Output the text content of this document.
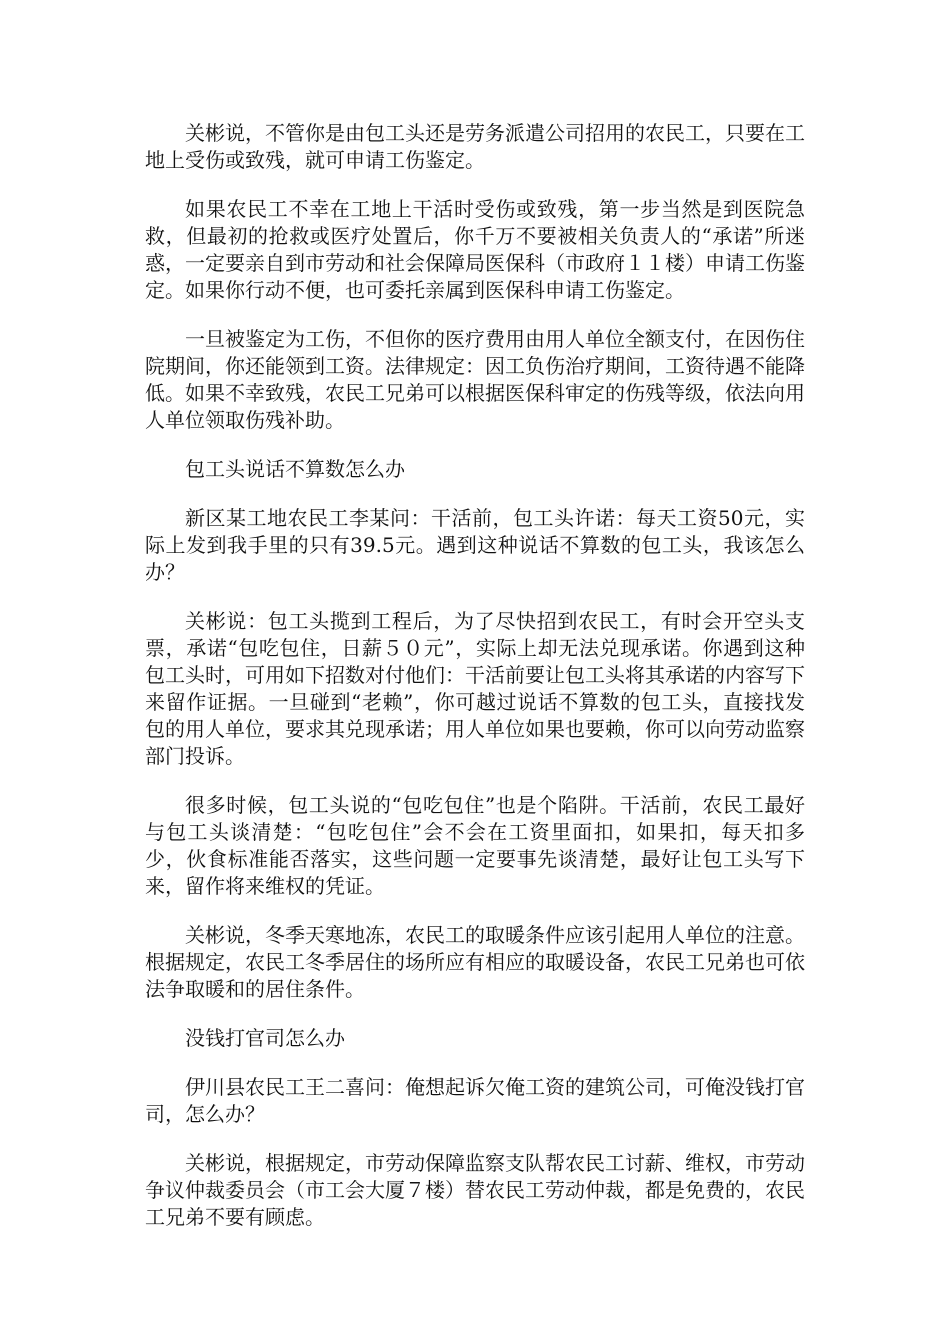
关彬说，不管你是由包工头还是劳务派遣公司招用的农民工，只要在工地上受伤或致残，就可申请工伤鉴定。

如果农民工不幸在工地上干活时受伤或致残，第一步当然是到医院急救，但最初的抢救或医疗处置后，你千万不要被相关负责人的“承诺”所迷惑，一定要亲自到市劳动和社会保障局医保科（市政府１１楼）申请工伤鉴定。如果你行动不便，也可委托亲属到医保科申请工伤鉴定。

一旦被鉴定为工伤，不但你的医疗费用由用人单位全额支付，在因伤住院期间，你还能领到工资。法律规定：因工负伤治疗期间，工资待遇不能降低。如果不幸致残，农民工兄弟可以根据医保科审定的伤残等级，依法向用人单位领取伤残补助。

包工头说话不算数怎么办

新区某工地农民工李某问：干活前，包工头许诺：每天工资50元，实际上发到我手里的只有39.5元。遇到这种说话不算数的包工头，我该怎么办？

关彬说：包工头揽到工程后，为了尽快招到农民工，有时会开空头支票，承诺“包吃包住，日薪５０元”，实际上却无法兑现承诺。你遇到这种包工头时，可用如下招数对付他们：干活前要让包工头将其承诺的内容写下来留作证据。一旦碰到“老赖”，你可越过说话不算数的包工头，直接找发包的用人单位，要求其兑现承诺；用人单位如果也要赖，你可以向劳动监察部门投诉。

很多时候，包工头说的“包吃包住”也是个陷阱。干活前，农民工最好与包工头谈清楚：“包吃包住”会不会在工资里面扣，如果扣，每天扣多少，伙食标准能否落实，这些问题一定要事先谈清楚，最好让包工头写下来，留作将来维权的凭证。

关彬说，冬季天寒地冻，农民工的取暖条件应该引起用人单位的注意。根据规定，农民工冬季居住的场所应有相应的取暖设备，农民工兄弟也可依法争取暖和的居住条件。

没钱打官司怎么办

伊川县农民工王二喜问：俺想起诉欠俺工资的建筑公司，可俺没钱打官司，怎么办？

关彬说，根据规定，市劳动保障监察支队帮农民工讨薪、维权，市劳动争议仲裁委员会（市工会大厦７楼）替农民工劳动仲裁，都是免费的，农民工兄弟不要有顾虑。
